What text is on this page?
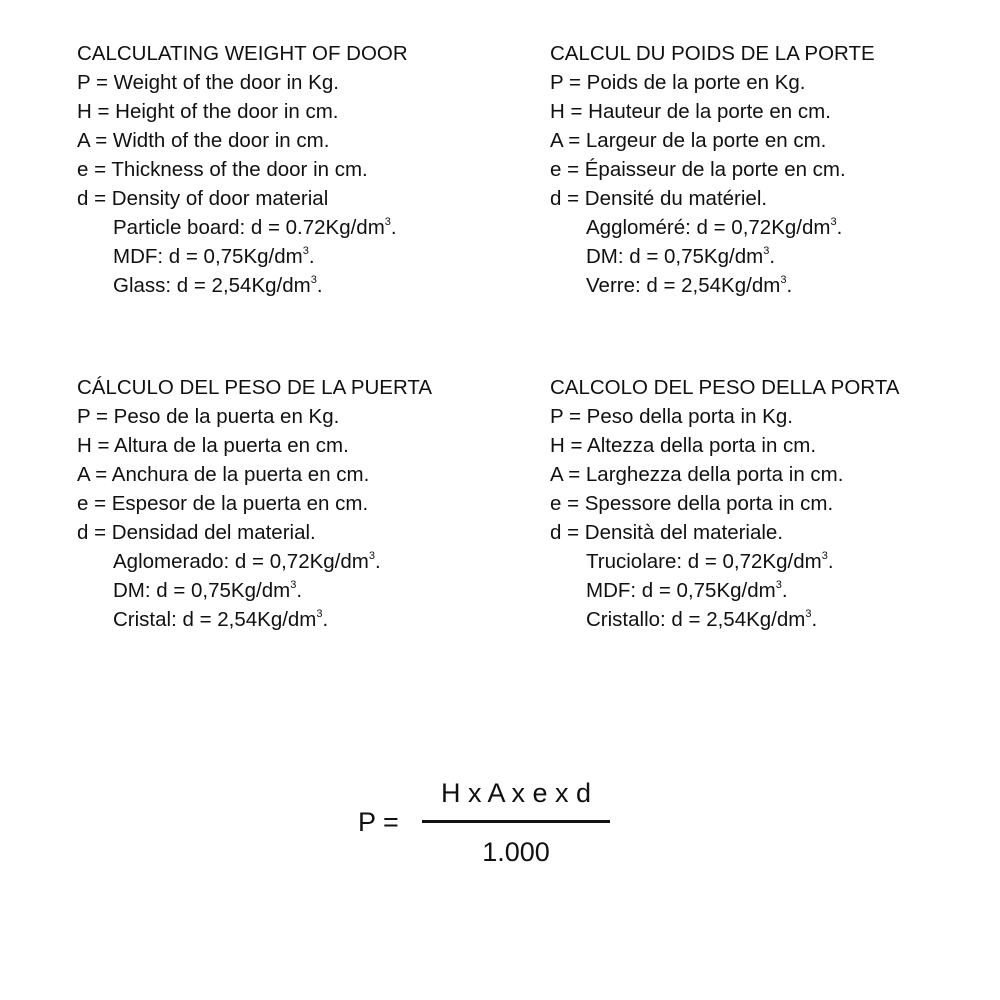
CALCULATING WEIGHT OF DOOR
P = Weight of the door in Kg.
H = Height of the door in cm.
A = Width of the door in cm.
e = Thickness of the door in cm.
d = Density of door material
Particle board: $d = 0.72Kg/dm^3$.
MDF: $d = 0,75Kg/dm^3$.
Glass: $d = 2,54Kg/dm^3$.
CALCUL DU POIDS DE LA PORTE
P = Poids de la porte en Kg.
H = Hauteur de la porte en cm.
A = Largeur de la porte en cm.
e = Épaisseur de la porte en cm.
d = Densité du matériel.
Aggloméré: $d = 0,72Kg/dm^3$.
DM: $d = 0,75Kg/dm^3$.
Verre: $d = 2,54Kg/dm^3$.
CÁLCULO DEL PESO DE LA PUERTA
P = Peso de la puerta en Kg.
H = Altura de la puerta en cm.
A = Anchura de la puerta en cm.
e = Espesor de la puerta en cm.
d = Densidad del material.
Aglomerado: $d = 0,72Kg/dm^3$.
DM: $d = 0,75Kg/dm^3$.
Cristal: $d = 2,54Kg/dm^3$.
CALCOLO DEL PESO DELLA PORTA
P = Peso della porta in Kg.
H = Altezza della porta in cm.
A = Larghezza della porta in cm.
e = Spessore della porta in cm.
d = Densità del materiale.
Truciolare: $d = 0,72Kg/dm^3$.
MDF: $d = 0,75Kg/dm^3$.
Cristallo: $d = 2,54Kg/dm^3$.
P =
H x A x e x d
1.000
